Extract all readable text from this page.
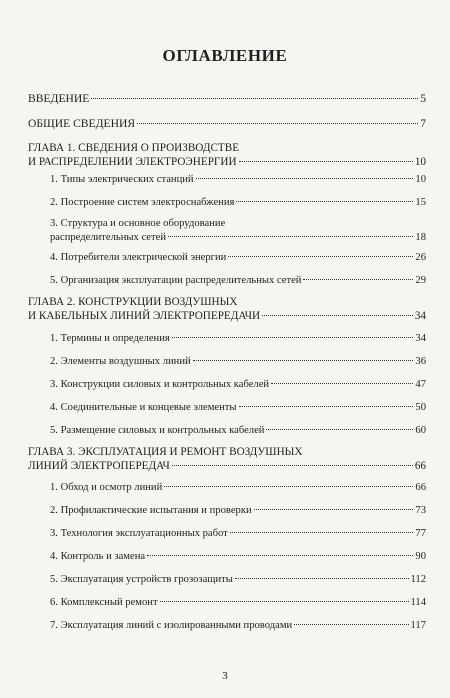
ОГЛАВЛЕНИЕ
ВВЕДЕНИЕ	5
ОБЩИЕ СВЕДЕНИЯ	7
ГЛАВА 1. СВЕДЕНИЯ О ПРОИЗВОДСТВЕ
И РАСПРЕДЕЛЕНИИ ЭЛЕКТРОЭНЕРГИИ	10
1. Типы электрических станций	10
2. Построение систем электроснабжения	15
3. Структура и основное оборудование
распределительных сетей	18
4. Потребители электрической энергии	26
5. Организация эксплуатации распределительных сетей	29
ГЛАВА 2. КОНСТРУКЦИИ ВОЗДУШНЫХ
И КАБЕЛЬНЫХ ЛИНИЙ ЭЛЕКТРОПЕРЕДАЧИ	34
1. Термины и определения	34
2. Элементы воздушных линий	36
3. Конструкции силовых и контрольных кабелей	47
4. Соединительные и концевые элементы	50
5. Размещение силовых и контрольных кабелей	60
ГЛАВА 3. ЭКСПЛУАТАЦИЯ И РЕМОНТ ВОЗДУШНЫХ
ЛИНИЙ ЭЛЕКТРОПЕРЕДАЧ	66
1. Обход и осмотр линий	66
2. Профилактические испытания и проверки	73
3. Технология эксплуатационных работ	77
4. Контроль и замена	90
5. Эксплуатация устройств грозозащиты	112
6. Комплексный ремонт	114
7. Эксплуатация линий с изолированными проводами	117
3
